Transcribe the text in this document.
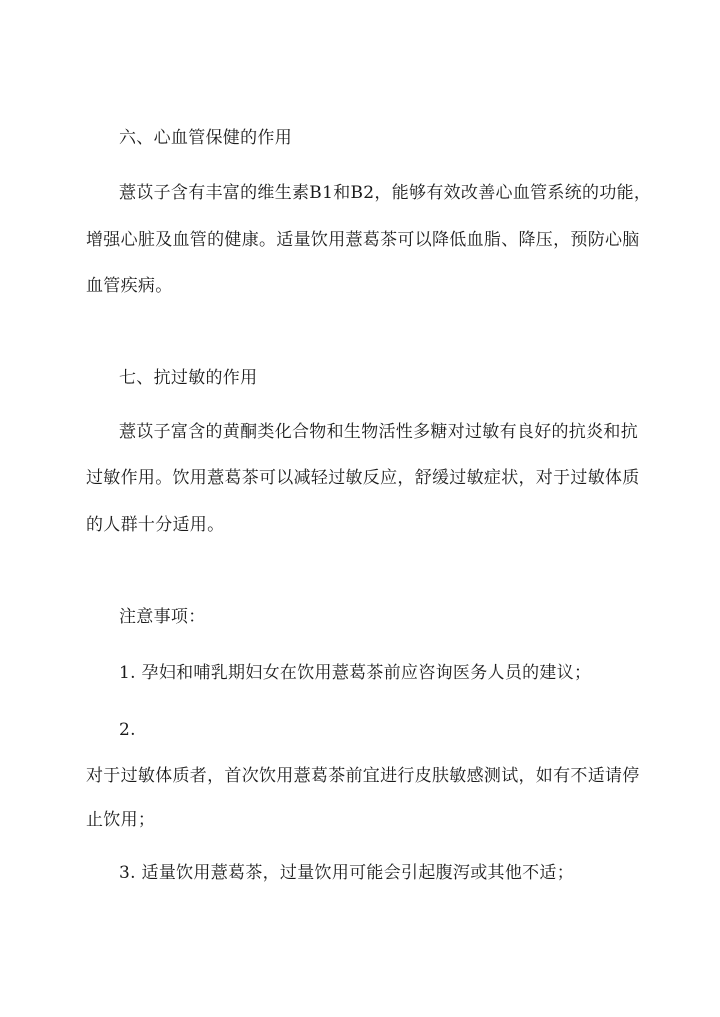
六、心血管保健的作用
薏苡子含有丰富的维生素B1和B2，能够有效改善心血管系统的功能，
增强心脏及血管的健康。适量饮用薏葛茶可以降低血脂、降压，预防心脑
血管疾病。
七、抗过敏的作用
薏苡子富含的黄酮类化合物和生物活性多糖对过敏有良好的抗炎和抗
过敏作用。饮用薏葛茶可以减轻过敏反应，舒缓过敏症状，对于过敏体质
的人群十分适用。
注意事项：
1. 孕妇和哺乳期妇女在饮用薏葛茶前应咨询医务人员的建议；
2.
对于过敏体质者，首次饮用薏葛茶前宜进行皮肤敏感测试，如有不适请停
止饮用；
3. 适量饮用薏葛茶，过量饮用可能会引起腹泻或其他不适；
